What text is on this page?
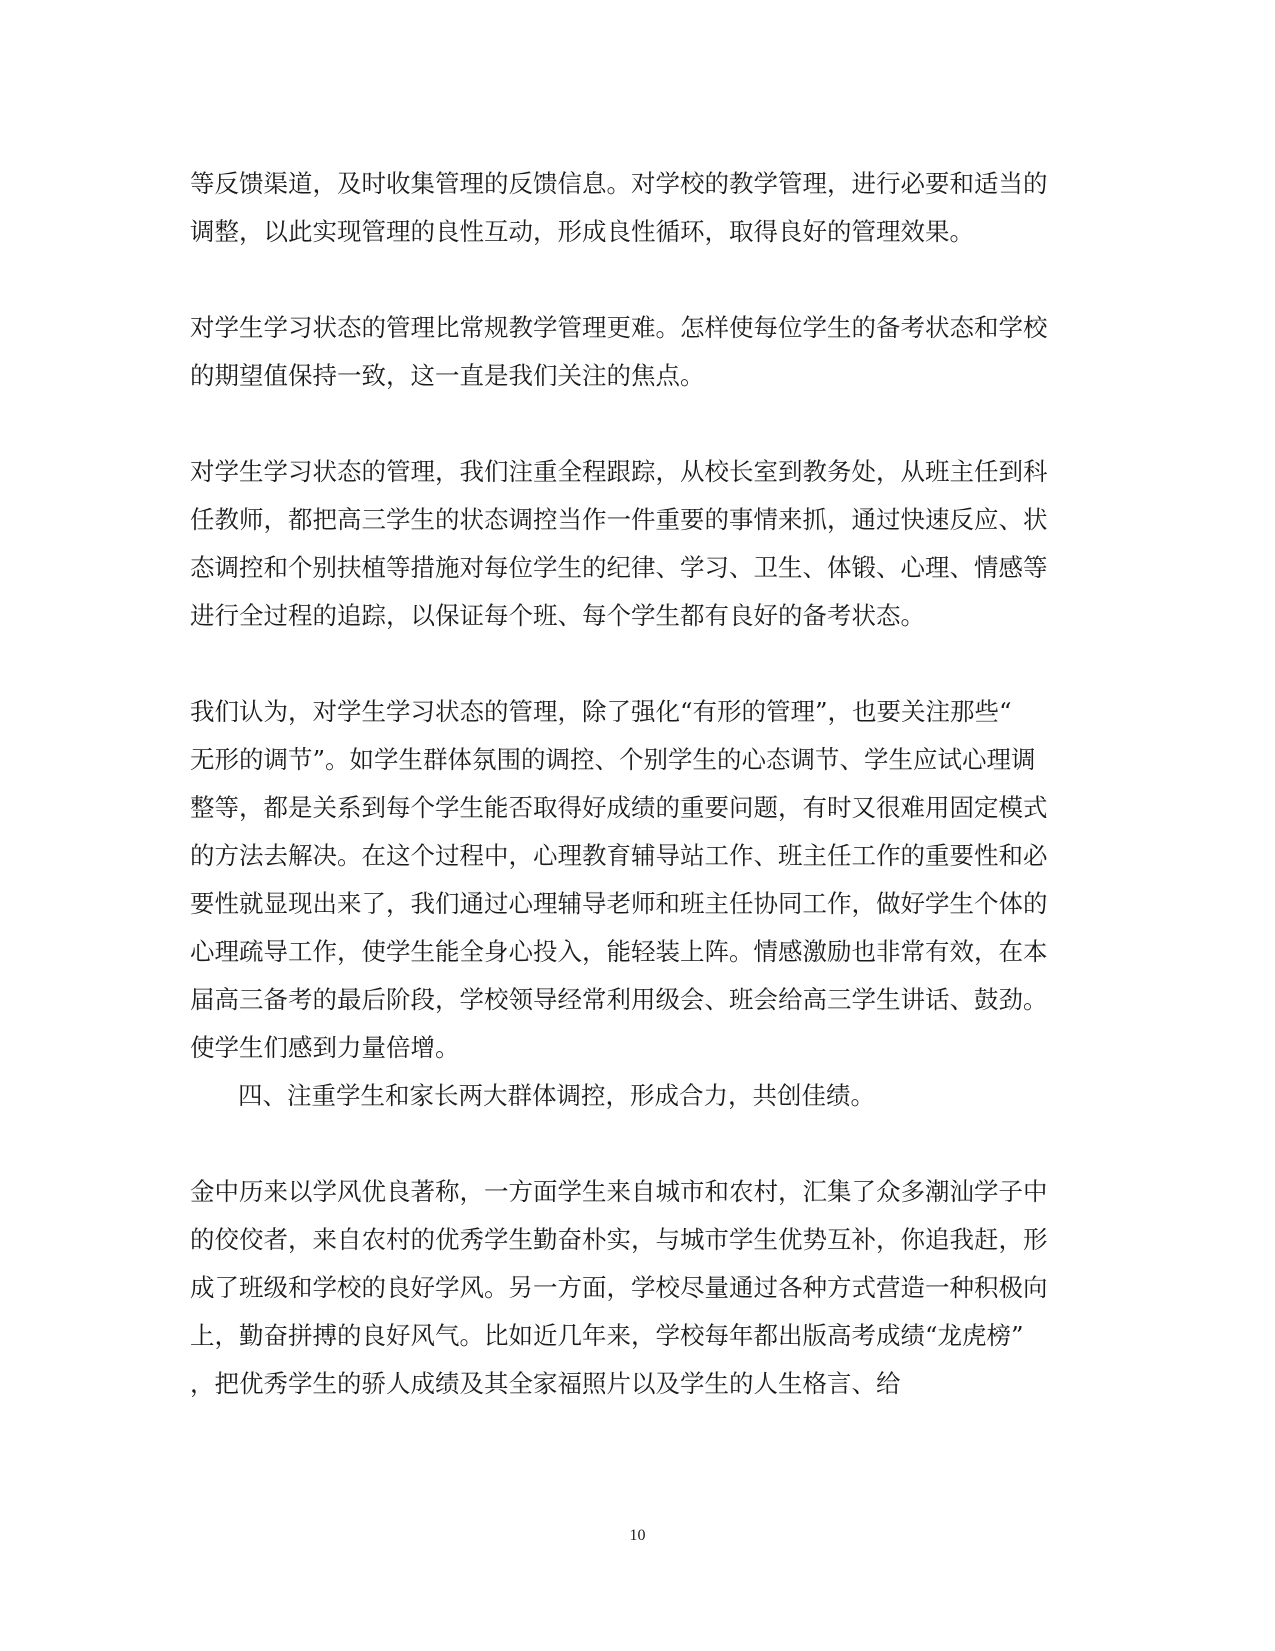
等反馈渠道，及时收集管理的反馈信息。对学校的教学管理，进行必要和适当的
调整，以此实现管理的良性互动，形成良性循环，取得良好的管理效果。
对学生学习状态的管理比常规教学管理更难。怎样使每位学生的备考状态和学校
的期望值保持一致，这一直是我们关注的焦点。
对学生学习状态的管理，我们注重全程跟踪，从校长室到教务处，从班主任到科
任教师，都把高三学生的状态调控当作一件重要的事情来抓，通过快速反应、状
态调控和个别扶植等措施对每位学生的纪律、学习、卫生、体锻、心理、情感等
进行全过程的追踪，以保证每个班、每个学生都有良好的备考状态。
我们认为，对学生学习状态的管理，除了强化“有形的管理”，也要关注那些“
无形的调节”。如学生群体氛围的调控、个别学生的心态调节、学生应试心理调
整等，都是关系到每个学生能否取得好成绩的重要问题，有时又很难用固定模式
的方法去解决。在这个过程中，心理教育辅导站工作、班主任工作的重要性和必
要性就显现出来了，我们通过心理辅导老师和班主任协同工作，做好学生个体的
心理疏导工作，使学生能全身心投入，能轻装上阵。情感激励也非常有效，在本
届高三备考的最后阶段，学校领导经常利用级会、班会给高三学生讲话、鼓劲。
使学生们感到力量倍增。
四、注重学生和家长两大群体调控，形成合力，共创佳绩。
金中历来以学风优良著称，一方面学生来自城市和农村，汇集了众多潮汕学子中
的佼佼者，来自农村的优秀学生勤奋朴实，与城市学生优势互补，你追我赶，形
成了班级和学校的良好学风。另一方面，学校尽量通过各种方式营造一种积极向
上，勤奋拼搏的良好风气。比如近几年来，学校每年都出版高考成绩“龙虎榜”
，把优秀学生的骄人成绩及其全家福照片以及学生的人生格言、给
10
